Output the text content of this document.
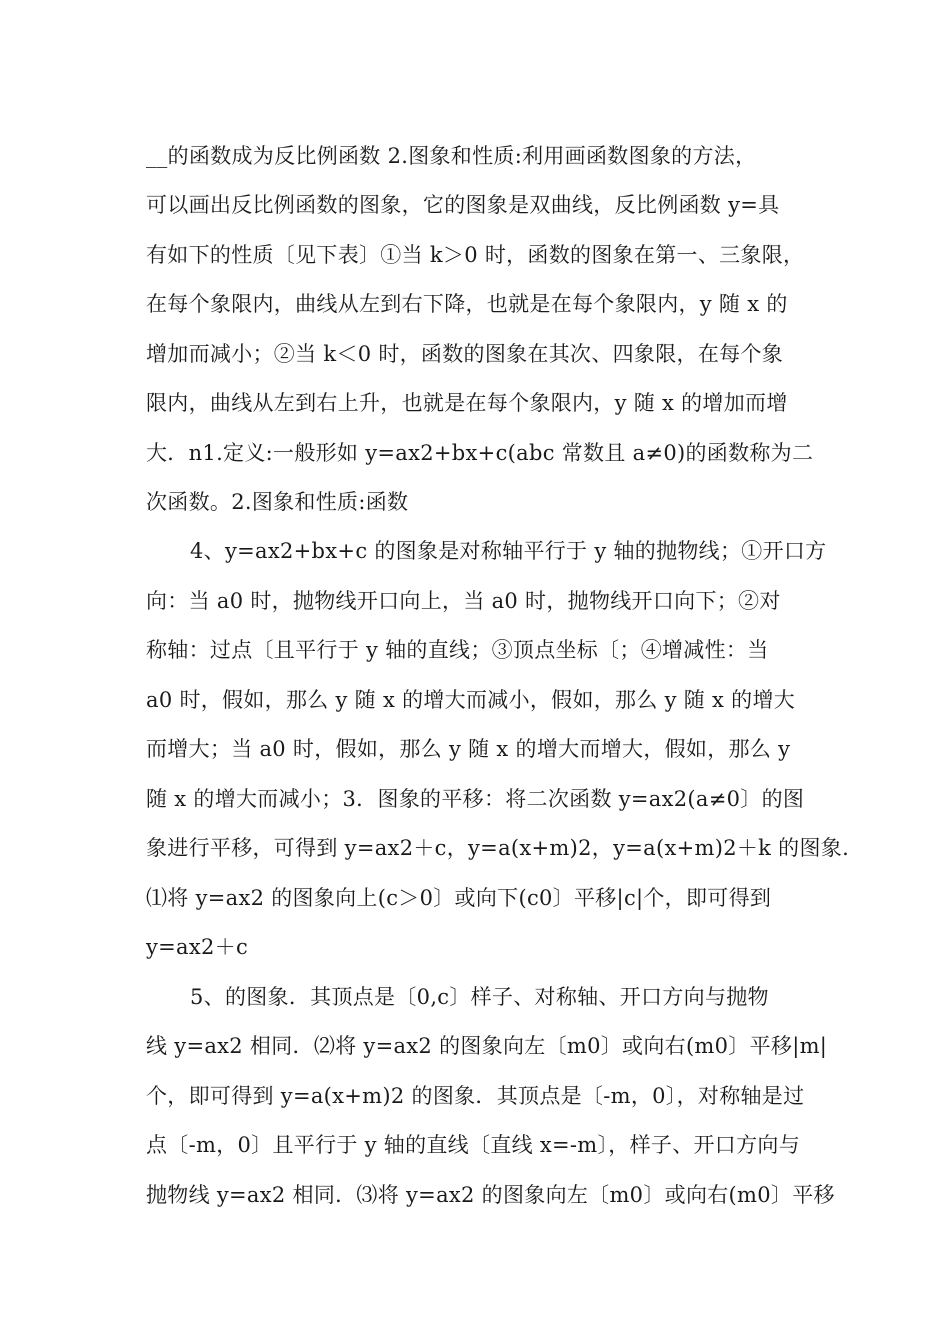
__的函数成为反比例函数 2.图象和性质:利用画函数图象的方法，
可以画出反比例函数的图象，它的图象是双曲线，反比例函数 y=具
有如下的性质〔见下表〕①当 k＞0 时，函数的图象在第一、三象限，
在每个象限内，曲线从左到右下降，也就是在每个象限内，y 随 x 的
增加而减小；②当 k＜0 时，函数的图象在其次、四象限，在每个象
限内，曲线从左到右上升，也就是在每个象限内，y 随 x 的增加而增
大．n1.定义:一般形如 y=ax2+bx+c(abc 常数且 a≠0)的函数称为二
次函数。2.图象和性质:函数
4、y=ax2+bx+c 的图象是对称轴平行于 y 轴的抛物线；①开口方
向：当 a0 时，抛物线开口向上，当 a0 时，抛物线开口向下；②对
称轴：过点〔且平行于 y 轴的直线；③顶点坐标〔；④增减性：当
a0 时，假如，那么 y 随 x 的增大而减小，假如，那么 y 随 x 的增大
而增大；当 a0 时，假如，那么 y 随 x 的增大而增大，假如，那么 y
随 x 的增大而减小；3．图象的平移：将二次函数 y=ax2(a≠0〕的图
象进行平移，可得到 y=ax2＋c，y=a(x+m)2，y=a(x+m)2＋k 的图象.
⑴将 y=ax2 的图象向上(c＞0〕或向下(c0〕平移|c|个，即可得到
y=ax2＋c
5、的图象．其顶点是〔0,c〕样子、对称轴、开口方向与抛物
线 y=ax2 相同．⑵将 y=ax2 的图象向左〔m0〕或向右(m0〕平移|m|
个，即可得到 y=a(x+m)2 的图象．其顶点是〔-m，0〕，对称轴是过
点〔-m，0〕且平行于 y 轴的直线〔直线 x=-m〕，样子、开口方向与
抛物线 y=ax2 相同．⑶将 y=ax2 的图象向左〔m0〕或向右(m0〕平移
